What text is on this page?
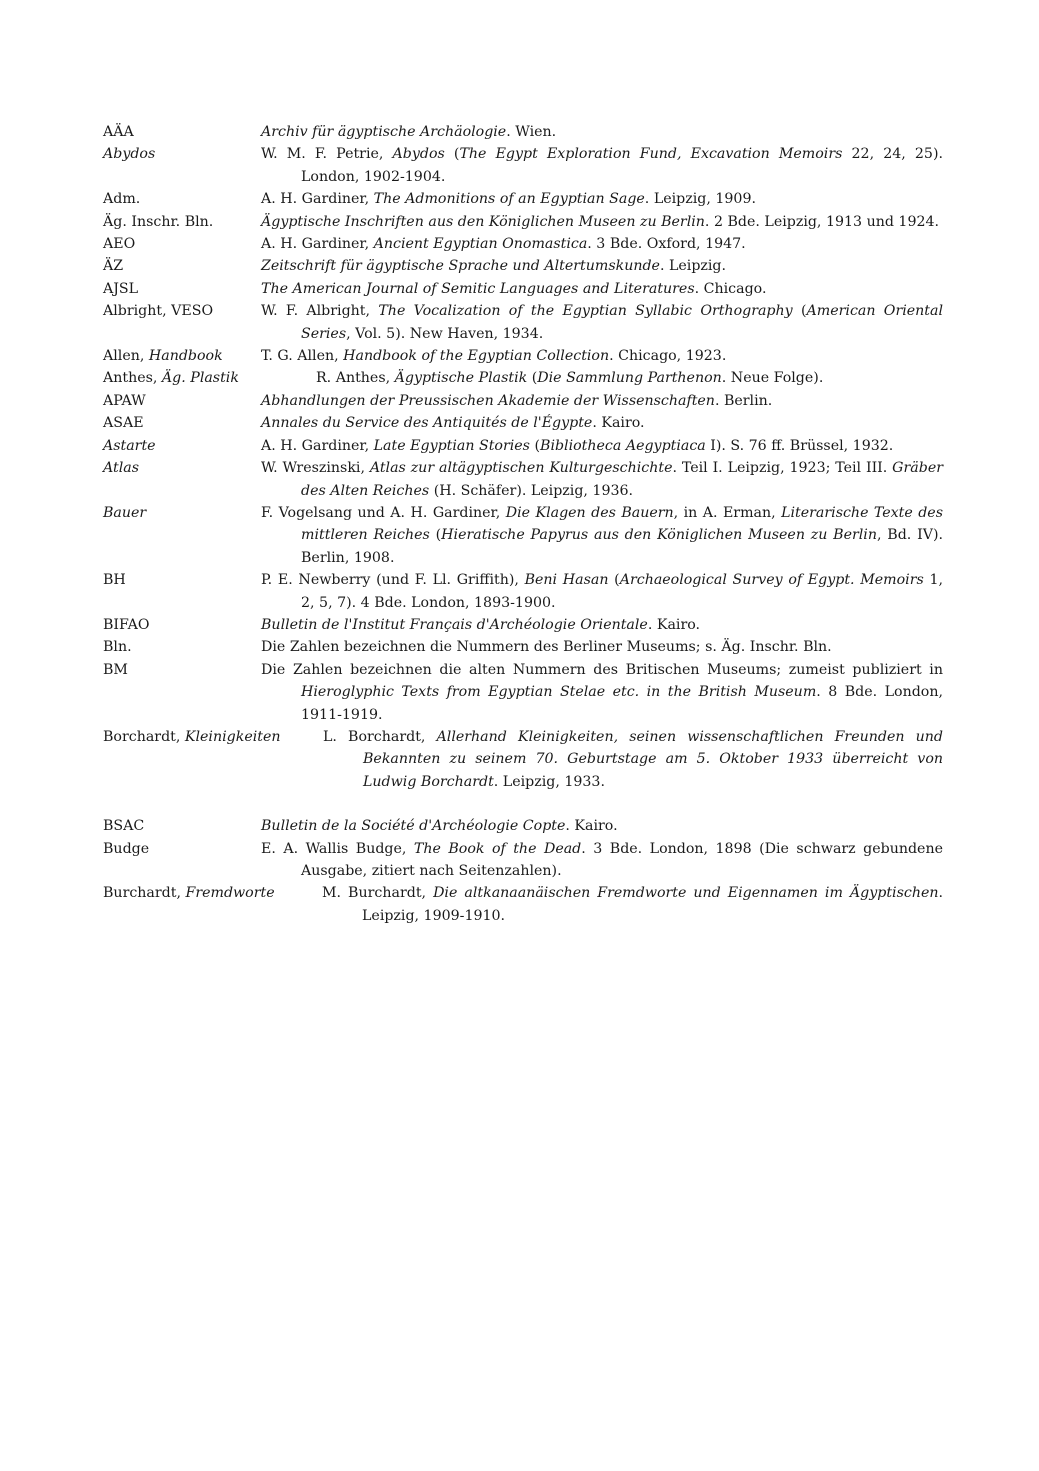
AÄA	Archiv für ägyptische Archäologie. Wien.
Abydos	W. M. F. Petrie, Abydos (The Egypt Exploration Fund, Excavation Memoirs 22, 24, 25). London, 1902-1904.
Adm.	A. H. Gardiner, The Admonitions of an Egyptian Sage. Leipzig, 1909.
Äg. Inschr. Bln.	Ägyptische Inschriften aus den Königlichen Museen zu Berlin. 2 Bde. Leipzig, 1913 und 1924.
AEO	A. H. Gardiner, Ancient Egyptian Onomastica. 3 Bde. Oxford, 1947.
ÄZ	Zeitschrift für ägyptische Sprache und Altertumskunde. Leipzig.
AJSL	The American Journal of Semitic Languages and Literatures. Chicago.
Albright, VESO	W. F. Albright, The Vocalization of the Egyptian Syllabic Orthography (American Oriental Series, Vol. 5). New Haven, 1934.
Allen, Handbook	T. G. Allen, Handbook of the Egyptian Collection. Chicago, 1923.
Anthes, Äg. Plastik	R. Anthes, Ägyptische Plastik (Die Sammlung Parthenon. Neue Folge).
APAW	Abhandlungen der Preussischen Akademie der Wissenschaften. Berlin.
ASAE	Annales du Service des Antiquités de l'Égypte. Kairo.
Astarte	A. H. Gardiner, Late Egyptian Stories (Bibliotheca Aegyptiaca I). S. 76 ff. Brüssel, 1932.
Atlas	W. Wreszinski, Atlas zur altägyptischen Kulturgeschichte. Teil I. Leipzig, 1923; Teil III. Gräber des Alten Reiches (H. Schäfer). Leipzig, 1936.
Bauer	F. Vogelsang und A. H. Gardiner, Die Klagen des Bauern, in A. Erman, Literarische Texte des mittleren Reiches (Hieratische Papyrus aus den Königlichen Museen zu Berlin, Bd. IV). Berlin, 1908.
BH	P. E. Newberry (und F. Ll. Griffith), Beni Hasan (Archaeological Survey of Egypt. Memoirs 1, 2, 5, 7). 4 Bde. London, 1893-1900.
BIFAO	Bulletin de l'Institut Français d'Archéologie Orientale. Kairo.
Bln.	Die Zahlen bezeichnen die Nummern des Berliner Museums; s. Äg. Inschr. Bln.
BM	Die Zahlen bezeichnen die alten Nummern des Britischen Museums; zumeist publiziert in Hieroglyphic Texts from Egyptian Stelae etc. in the British Museum. 8 Bde. London, 1911-1919.
Borchardt, Kleinigkeiten	L. Borchardt, Allerhand Kleinigkeiten, seinen wissenschaftlichen Freunden und Bekannten zu seinem 70. Geburtstage am 5. Oktober 1933 überreicht von Ludwig Borchardt. Leipzig, 1933.
BSAC	Bulletin de la Société d'Archéologie Copte. Kairo.
Budge	E. A. Wallis Budge, The Book of the Dead. 3 Bde. London, 1898 (Die schwarz gebundene Ausgabe, zitiert nach Seitenzahlen).
Burchardt, Fremdworte	M. Burchardt, Die altkanaanäischen Fremdworte und Eigennamen im Ägyptischen. Leipzig, 1909-1910.
